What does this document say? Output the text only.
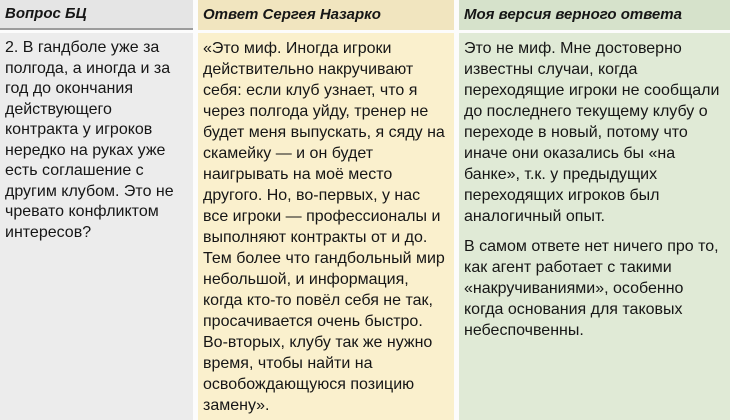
Вопрос БЦ	Ответ Сергея Назарко	Моя версия верного ответа

2. В гандболе уже за полгода, а иногда и за год до окончания действующего контракта у игроков нередко на руках уже есть соглашение с другим клубом. Это не чревато конфликтом интересов?

«Это миф. Иногда игроки действительно накручивают себя: если клуб узнает, что я через полгода уйду, тренер не будет меня выпускать, я сяду на скамейку — и он будет наигрывать на моё место другого. Но, во-первых, у нас все игроки — профессионалы и выполняют контракты от и до. Тем более что гандбольный мир небольшой, и информация, когда кто-то повёл себя не так, просачивается очень быстро. Во-вторых, клубу так же нужно время, чтобы найти на освобождающуюся позицию замену».

Это не миф. Мне достоверно известны случаи, когда переходящие игроки не сообщали до последнего текущему клубу о переходе в новый, потому что иначе они оказались бы «на банке», т.к. у предыдущих переходящих игроков был аналогичный опыт.

В самом ответе нет ничего про то, как агент работает с такими «накручиваниями», особенно когда основания для таковых небеспочвенны.
